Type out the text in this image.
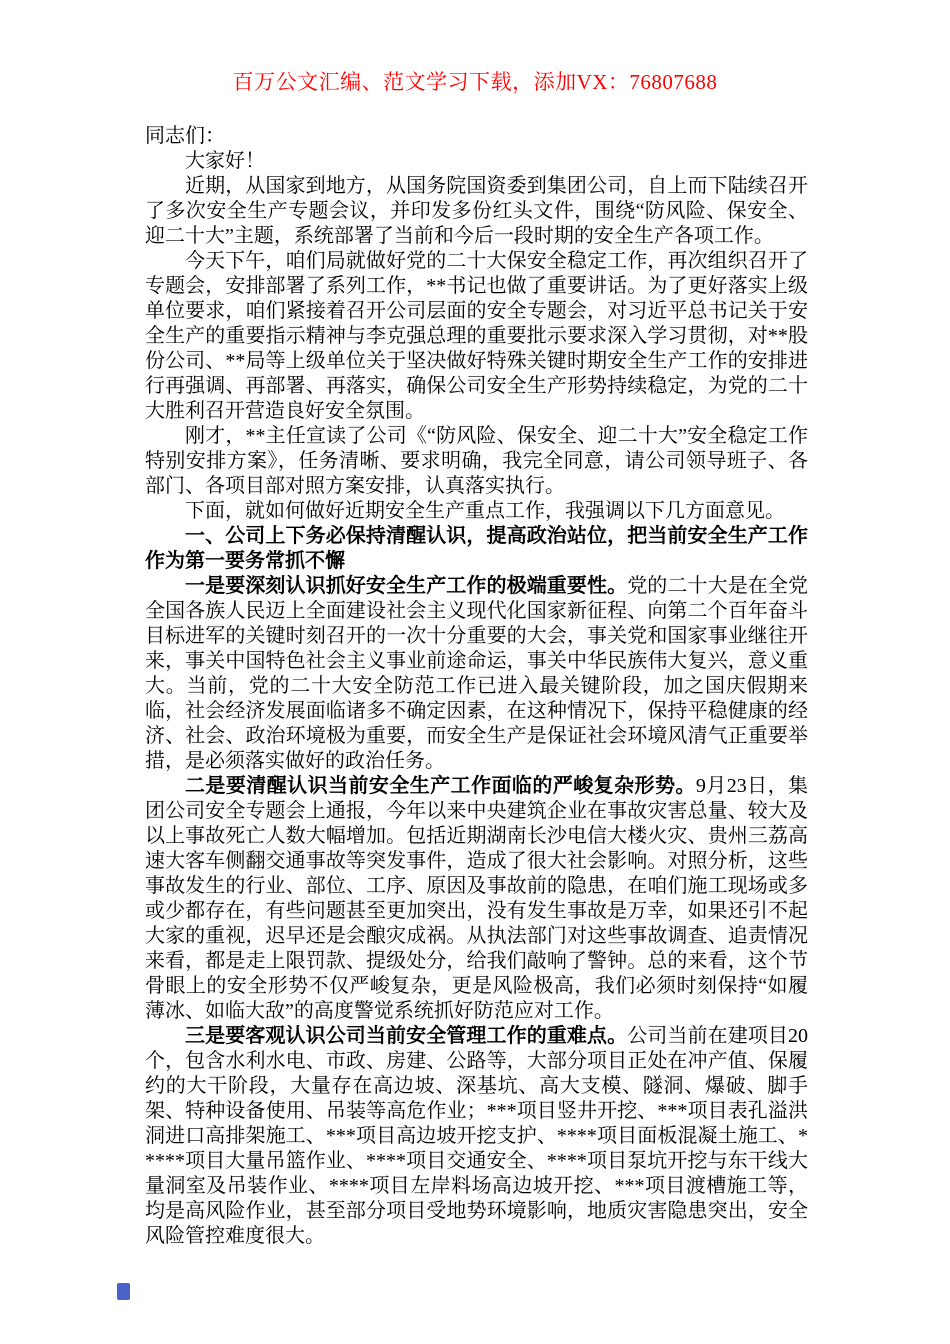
百万公文汇编、范文学习下载，添加VX：76807688

同志们：

大家好！

近期，从国家到地方，从国务院国资委到集团公司，自上而下陆续召开了多次安全生产专题会议，并印发多份红头文件，围绕“防风险、保安全、迎二十大”主题，系统部署了当前和今后一段时期的安全生产各项工作。

今天下午，咱们局就做好党的二十大保安全稳定工作，再次组织召开了专题会，安排部署了系列工作，**书记也做了重要讲话。为了更好落实上级单位要求，咱们紧接着召开公司层面的安全专题会，对习近平总书记关于安全生产的重要指示精神与李克强总理的重要批示要求深入学习贯彻，对**股份公司、**局等上级单位关于坚决做好特殊关键时期安全生产工作的安排进行再强调、再部署、再落实，确保公司安全生产形势持续稳定，为党的二十大胜利召开营造良好安全氛围。

刚才，**主任宣读了公司《“防风险、保安全、迎二十大”安全稳定工作特别安排方案》，任务清晰、要求明确，我完全同意，请公司领导班子、各部门、各项目部对照方案安排，认真落实执行。

下面，就如何做好近期安全生产重点工作，我强调以下几方面意见。

一、公司上下务必保持清醒认识，提高政治站位，把当前安全生产工作作为第一要务常抓不懈

一是要深刻认识抓好安全生产工作的极端重要性。党的二十大是在全党全国各族人民迈上全面建设社会主义现代化国家新征程、向第二个百年奋斗目标进军的关键时刻召开的一次十分重要的大会，事关党和国家事业继往开来，事关中国特色社会主义事业前途命运，事关中华民族伟大复兴，意义重大。当前，党的二十大安全防范工作已进入最关键阶段，加之国庆假期来临，社会经济发展面临诸多不确定因素，在这种情况下，保持平稳健康的经济、社会、政治环境极为重要，而安全生产是保证社会环境风清气正重要举措，是必须落实做好的政治任务。

二是要清醒认识当前安全生产工作面临的严峻复杂形势。9月23日，集团公司安全专题会上通报，今年以来中央建筑企业在事故灾害总量、较大及以上事故死亡人数大幅增加。包括近期湖南长沙电信大楼火灾、贵州三荔高速大客车侧翻交通事故等突发事件，造成了很大社会影响。对照分析，这些事故发生的行业、部位、工序、原因及事故前的隐患，在咱们施工现场或多或少都存在，有些问题甚至更加突出，没有发生事故是万幸，如果还引不起大家的重视，迟早还是会酿灾成祸。从执法部门对这些事故调查、追责情况来看，都是走上限罚款、提级处分，给我们敲响了警钟。总的来看，这个节骨眼上的安全形势不仅严峻复杂，更是风险极高，我们必须时刻保持“如履薄冰、如临大敌”的高度警觉系统抓好防范应对工作。

三是要客观认识公司当前安全管理工作的重难点。公司当前在建项目20个，包含水利水电、市政、房建、公路等，大部分项目正处在冲产值、保履约的大干阶段，大量存在高边坡、深基坑、高大支模、隧洞、爆破、脚手架、特种设备使用、吊装等高危作业；***项目竖井开挖、***项目表孔溢洪洞进口高排架施工、***项目高边坡开挖支护、****项目面板混凝土施工、*****项目大量吊篮作业、****项目交通安全、****项目泵坑开挖与东干线大量洞室及吊装作业、****项目左岸料场高边坡开挖、***项目渡槽施工等，均是高风险作业，甚至部分项目受地势环境影响，地质灾害隐患突出，安全风险管控难度很大。
